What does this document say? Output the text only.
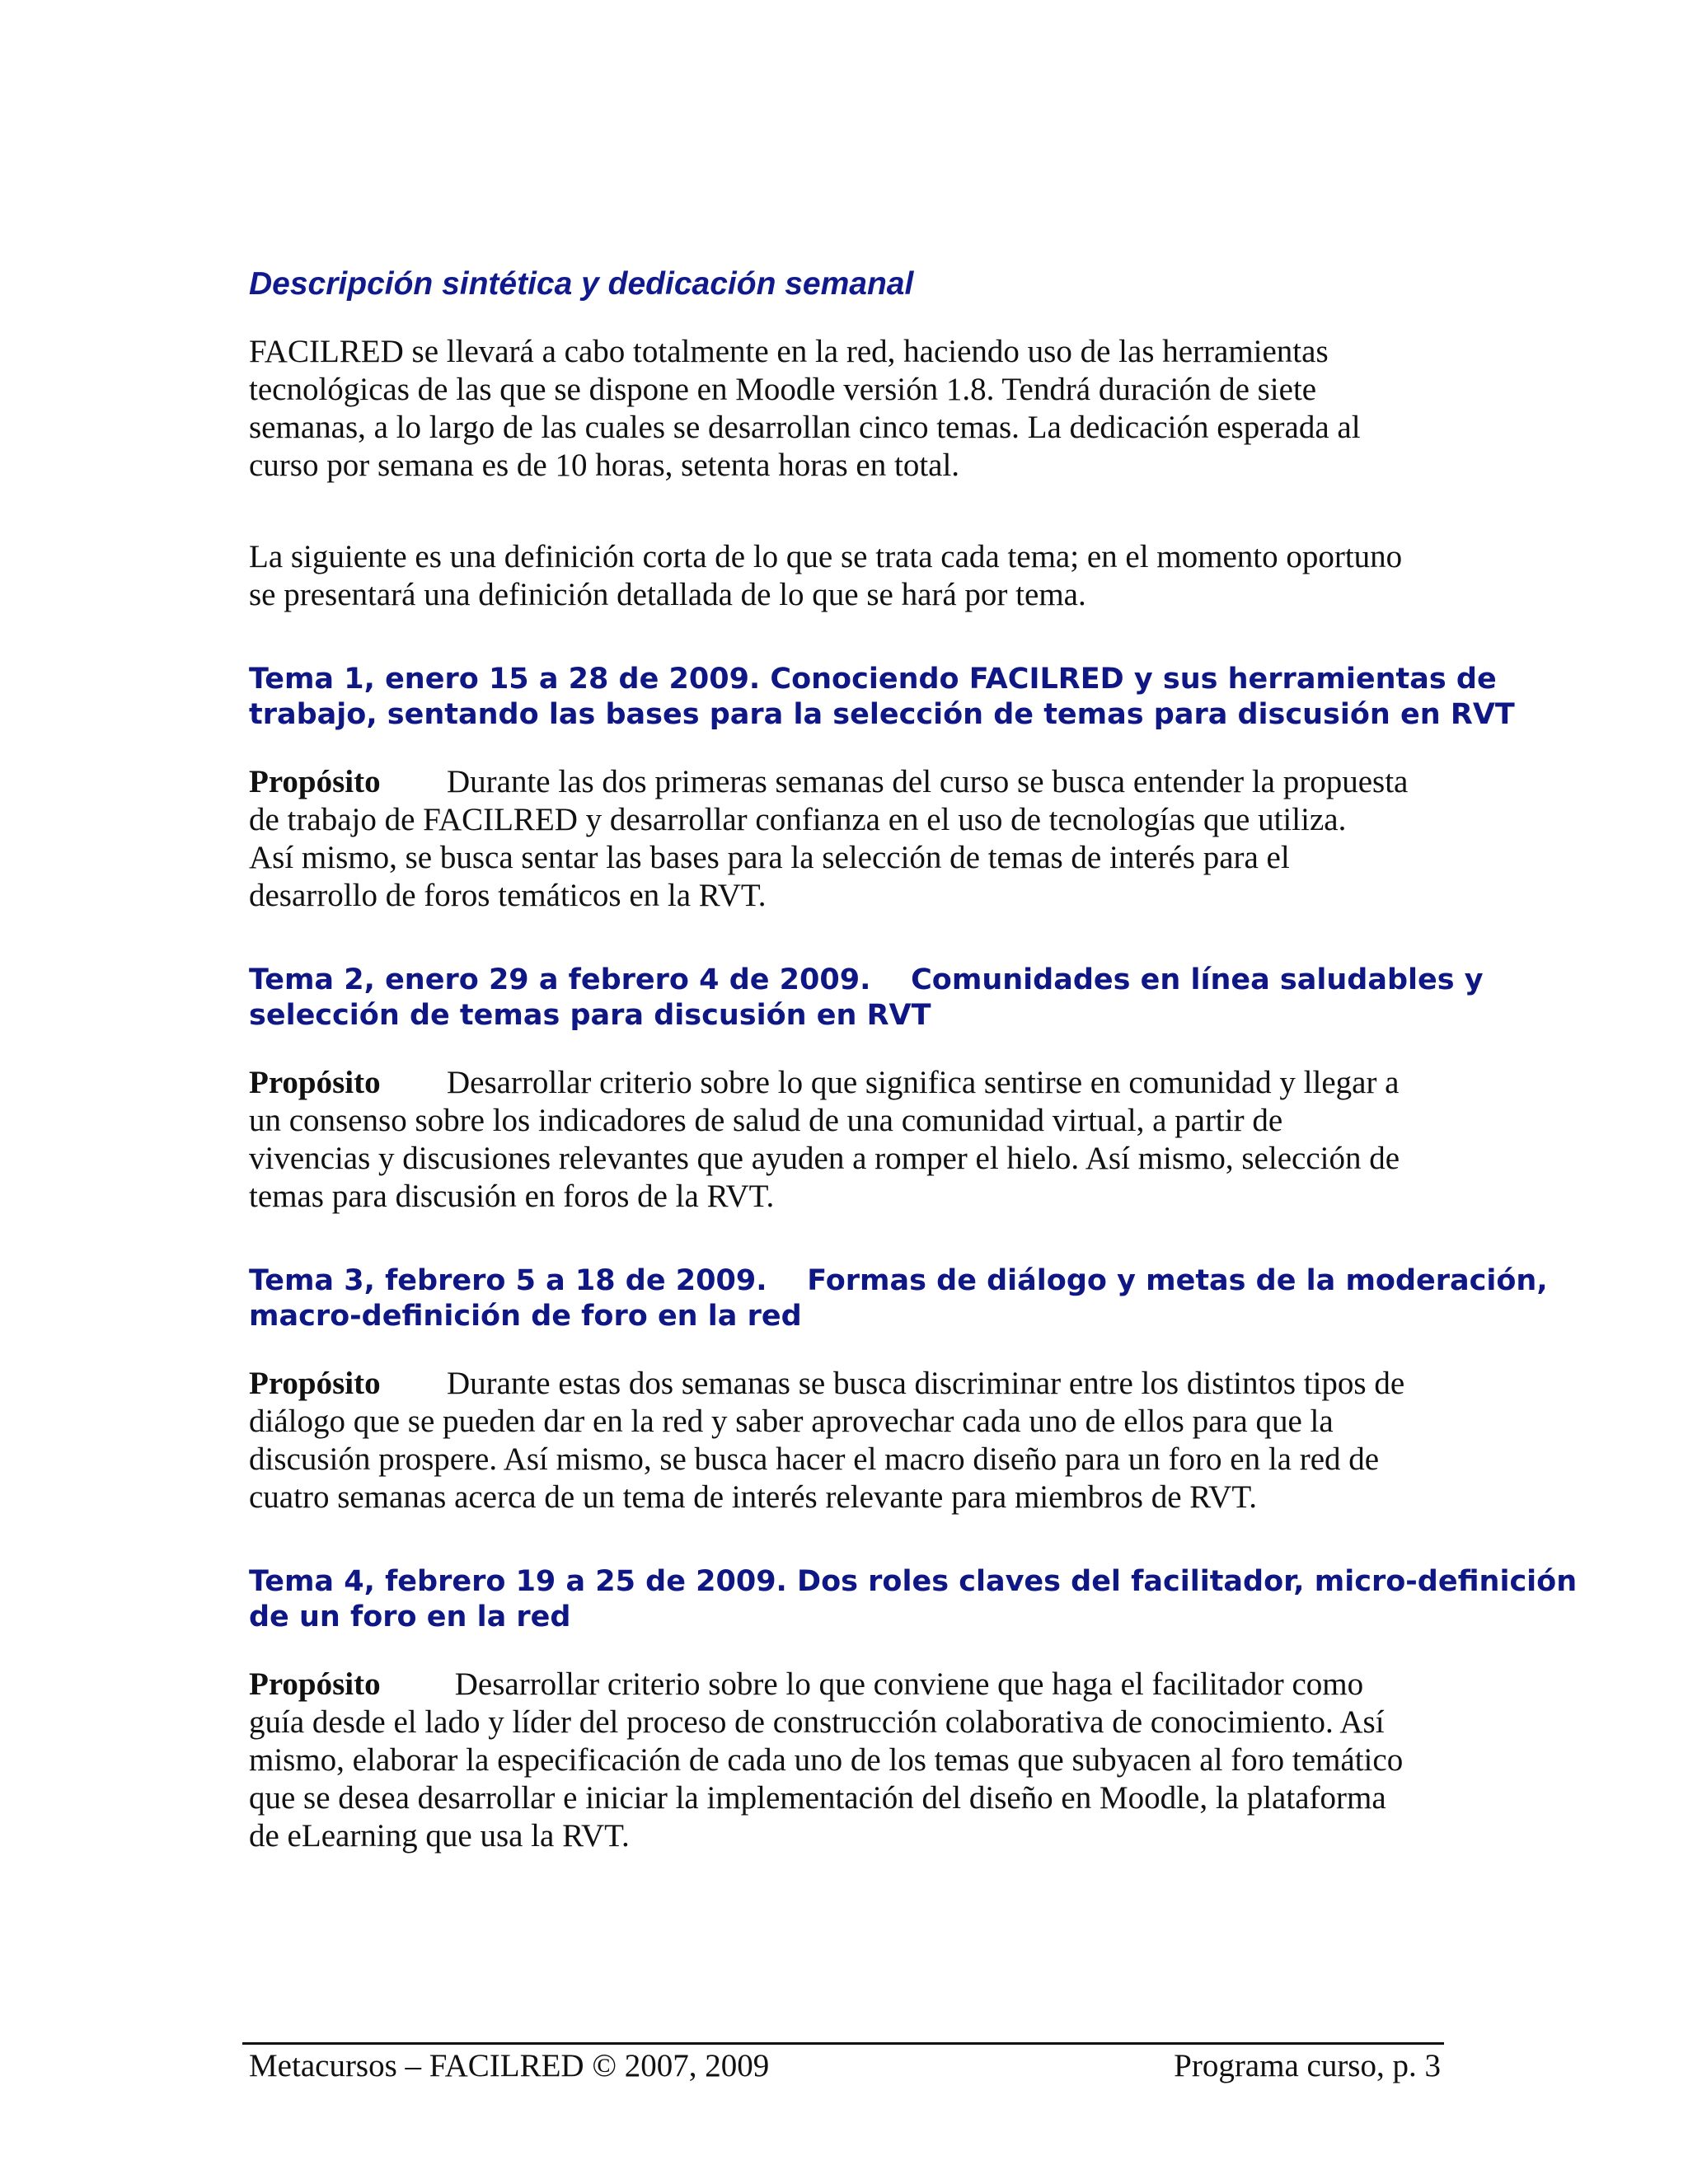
Descripción sintética y dedicación semanal

FACILRED se llevará a cabo totalmente en la red, haciendo uso de las herramientas
tecnológicas de las que se dispone en Moodle versión 1.8. Tendrá duración de siete
semanas, a lo largo de las cuales se desarrollan cinco temas. La dedicación esperada al
curso por semana es de 10 horas, setenta horas en total.

La siguiente es una definición corta de lo que se trata cada tema; en el momento oportuno
se presentará una definición detallada de lo que se hará por tema.

Tema 1, enero 15 a 28 de 2009. Conociendo FACILRED y sus herramientas de
trabajo, sentando las bases para la selección de temas para discusión en RVT
Propósito Durante las dos primeras semanas del curso se busca entender la propuesta
de trabajo de FACILRED y desarrollar confianza en el uso de tecnologías que utiliza.
Así mismo, se busca sentar las bases para la selección de temas de interés para el
desarrollo de foros temáticos en la RVT.
Tema 2, enero 29 a febrero 4 de 2009.    Comunidades en línea saludables y
selección de temas para discusión en RVT
Propósito Desarrollar criterio sobre lo que significa sentirse en comunidad y llegar a
un consenso sobre los indicadores de salud de una comunidad virtual, a partir de
vivencias y discusiones relevantes que ayuden a romper el hielo. Así mismo, selección de
temas para discusión en foros de la RVT.
Tema 3, febrero 5 a 18 de 2009.    Formas de diálogo y metas de la moderación,
macro-definición de foro en la red
Propósito Durante estas dos semanas se busca discriminar entre los distintos tipos de
diálogo que se pueden dar en la red y saber aprovechar cada uno de ellos para que la
discusión prospere. Así mismo, se busca hacer el macro diseño para un foro en la red de
cuatro semanas acerca de un tema de interés relevante para miembros de RVT.
Tema 4, febrero 19 a 25 de 2009. Dos roles claves del facilitador, micro-definición
de un foro en la red
Propósito Desarrollar criterio sobre lo que conviene que haga el facilitador como
guía desde el lado y líder del proceso de construcción colaborativa de conocimiento. Así
mismo, elaborar la especificación de cada uno de los temas que subyacen al foro temático
que se desea desarrollar e iniciar la implementación del diseño en Moodle, la plataforma
de eLearning que usa la RVT.
Metacursos – FACILRED © 2007, 2009	Programa curso, p. 3
